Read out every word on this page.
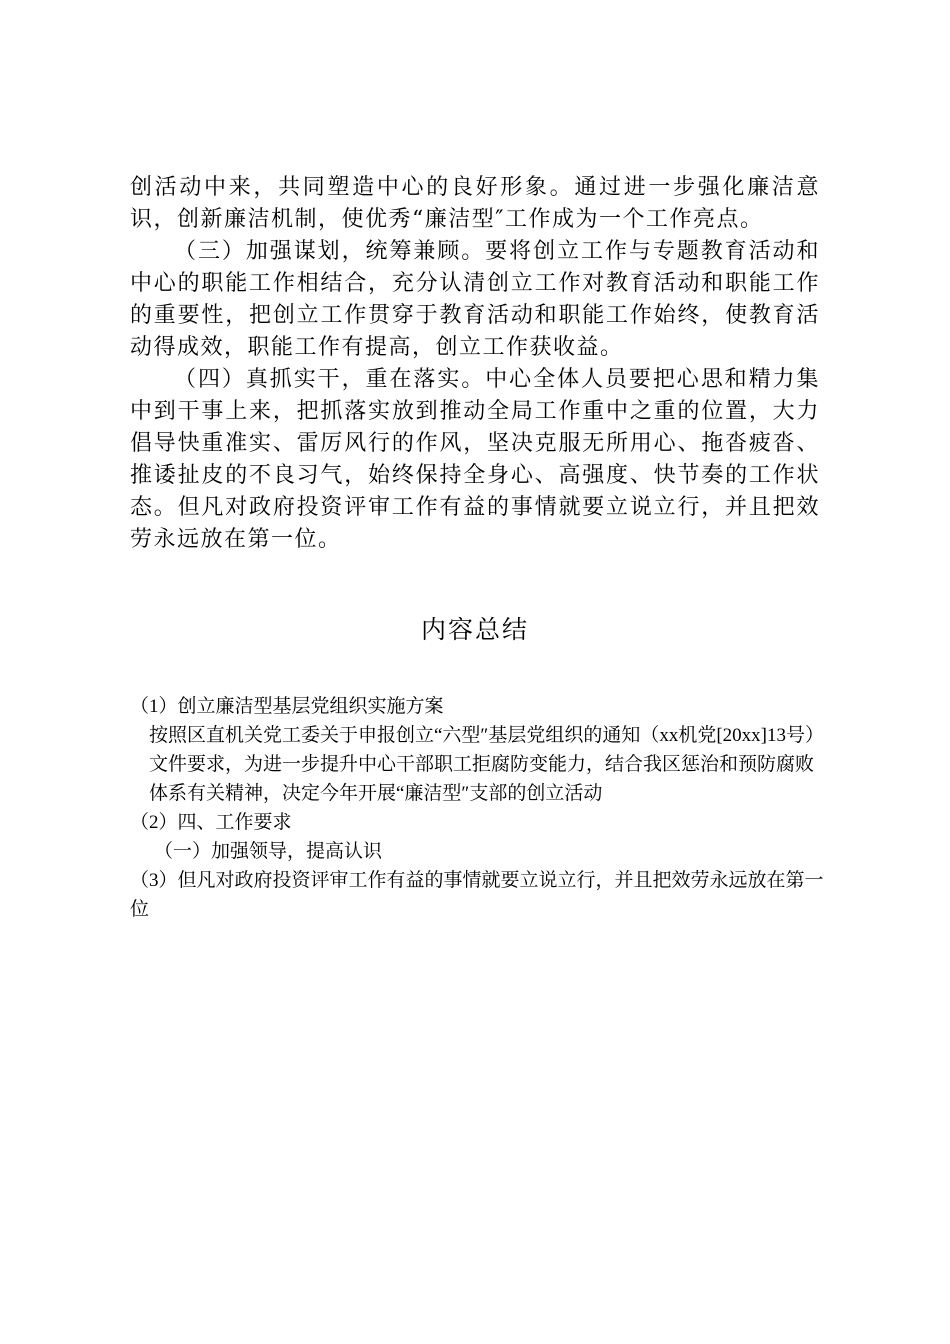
创活动中来，共同塑造中心的良好形象。通过进一步强化廉洁意识，创新廉洁机制，使优秀“廉洁型″工作成为一个工作亮点。

（三）加强谋划，统筹兼顾。要将创立工作与专题教育活动和中心的职能工作相结合，充分认清创立工作对教育活动和职能工作的重要性，把创立工作贯穿于教育活动和职能工作始终，使教育活动得成效，职能工作有提高，创立工作获收益。

（四）真抓实干，重在落实。中心全体人员要把心思和精力集中到干事上来，把抓落实放到推动全局工作重中之重的位置，大力倡导快重准实、雷厉风行的作风，坚决克服无所用心、拖沓疲沓、推诿扯皮的不良习气，始终保持全身心、高强度、快节奏的工作状态。但凡对政府投资评审工作有益的事情就要立说立行，并且把效劳永远放在第一位。

内容总结

（1）创立廉洁型基层党组织实施方案

按照区直机关党工委关于申报创立“六型″基层党组织的通知（xx机党[20xx]13号）文件要求，为进一步提升中心干部职工拒腐防变能力，结合我区惩治和预防腐败体系有关精神，决定今年开展“廉洁型″支部的创立活动

（2）四、工作要求

（一）加强领导，提高认识

（3）但凡对政府投资评审工作有益的事情就要立说立行，并且把效劳永远放在第一位
